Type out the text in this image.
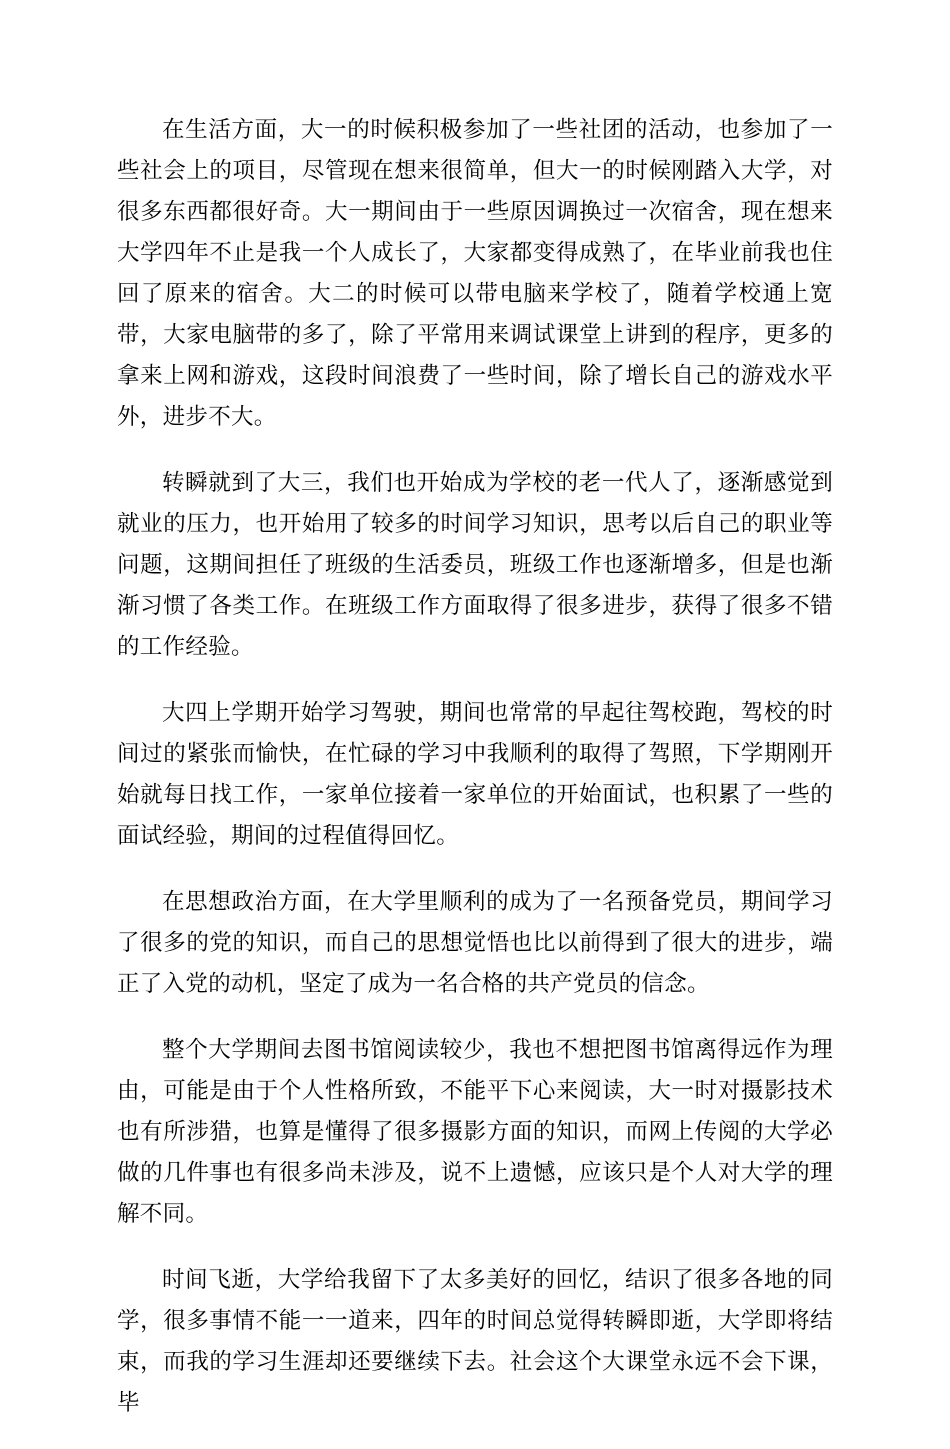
在生活方面，大一的时候积极参加了一些社团的活动，也参加了一些社会上的项目，尽管现在想来很简单，但大一的时候刚踏入大学，对很多东西都很好奇。大一期间由于一些原因调换过一次宿舍，现在想来大学四年不止是我一个人成长了，大家都变得成熟了，在毕业前我也住回了原来的宿舍。大二的时候可以带电脑来学校了，随着学校通上宽带，大家电脑带的多了，除了平常用来调试课堂上讲到的程序，更多的拿来上网和游戏，这段时间浪费了一些时间，除了增长自己的游戏水平外，进步不大。

转瞬就到了大三，我们也开始成为学校的老一代人了，逐渐感觉到就业的压力，也开始用了较多的时间学习知识，思考以后自己的职业等问题，这期间担任了班级的生活委员，班级工作也逐渐增多，但是也渐渐习惯了各类工作。在班级工作方面取得了很多进步，获得了很多不错的工作经验。

大四上学期开始学习驾驶，期间也常常的早起往驾校跑，驾校的时间过的紧张而愉快，在忙碌的学习中我顺利的取得了驾照，下学期刚开始就每日找工作，一家单位接着一家单位的开始面试，也积累了一些的面试经验，期间的过程值得回忆。

在思想政治方面，在大学里顺利的成为了一名预备党员，期间学习了很多的党的知识，而自己的思想觉悟也比以前得到了很大的进步，端正了入党的动机，坚定了成为一名合格的共产党员的信念。

整个大学期间去图书馆阅读较少，我也不想把图书馆离得远作为理由，可能是由于个人性格所致，不能平下心来阅读，大一时对摄影技术也有所涉猎，也算是懂得了很多摄影方面的知识，而网上传阅的大学必做的几件事也有很多尚未涉及，说不上遗憾，应该只是个人对大学的理解不同。

时间飞逝，大学给我留下了太多美好的回忆，结识了很多各地的同学，很多事情不能一一道来，四年的时间总觉得转瞬即逝，大学即将结束，而我的学习生涯却还要继续下去。社会这个大课堂永远不会下课，毕
